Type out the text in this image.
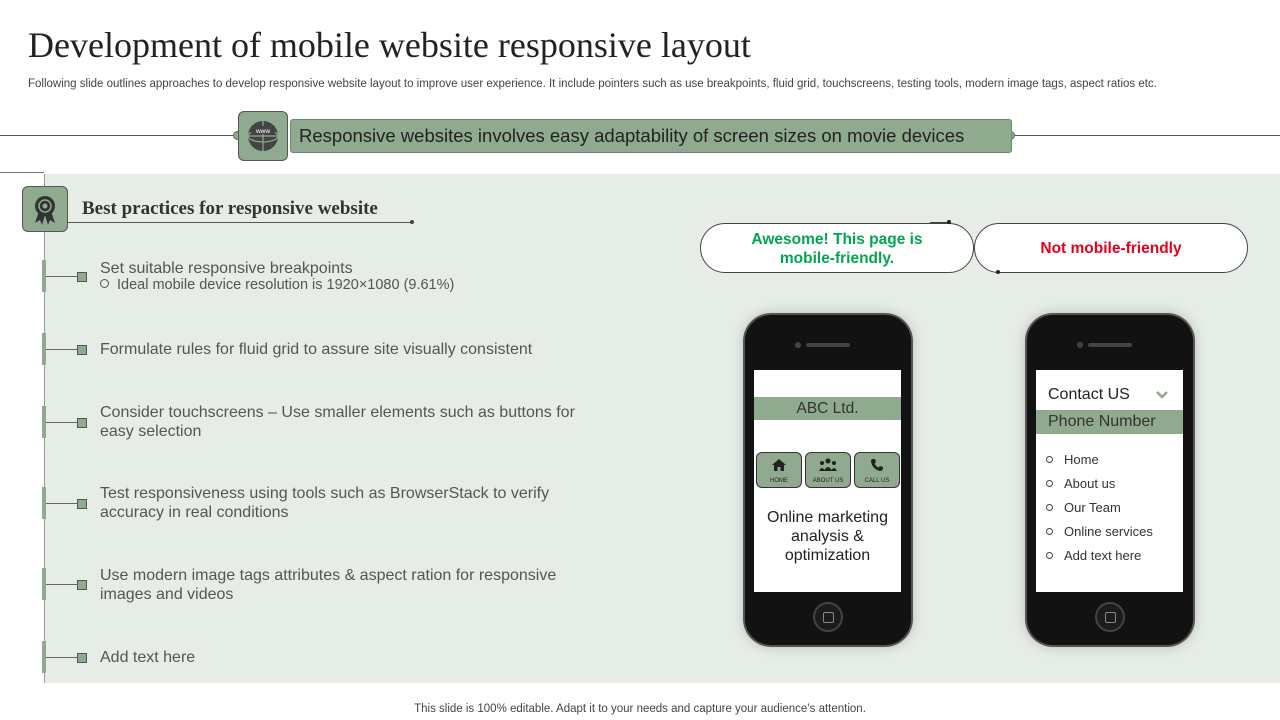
Development of mobile website responsive layout
Following slide outlines approaches to develop responsive website layout to improve user experience. It include pointers such as use breakpoints, fluid grid, touchscreens, testing tools, modern image tags, aspect ratios etc.
Responsive websites involves easy adaptability of screen sizes on movie devices
www
Best practices for responsive website
Set suitable responsive breakpoints
Ideal mobile device resolution is 1920×1080 (9.61%)
Formulate rules for fluid grid to assure site visually consistent
Consider touchscreens – Use smaller elements such as buttons for easy selection
Test responsiveness using tools such as BrowserStack to verify accuracy in real conditions
Use modern image tags attributes & aspect ration for responsive images and videos
Add text here
Awesome! This page is mobile-friendly.
Not mobile-friendly
ABC Ltd.
HOME	ABOUT US	CALL US
Online marketing analysis & optimization
Contact US
Phone Number
Home
About us
Our Team
Online services
Add text here
This slide is 100% editable. Adapt it to your needs and capture your audience’s attention.
